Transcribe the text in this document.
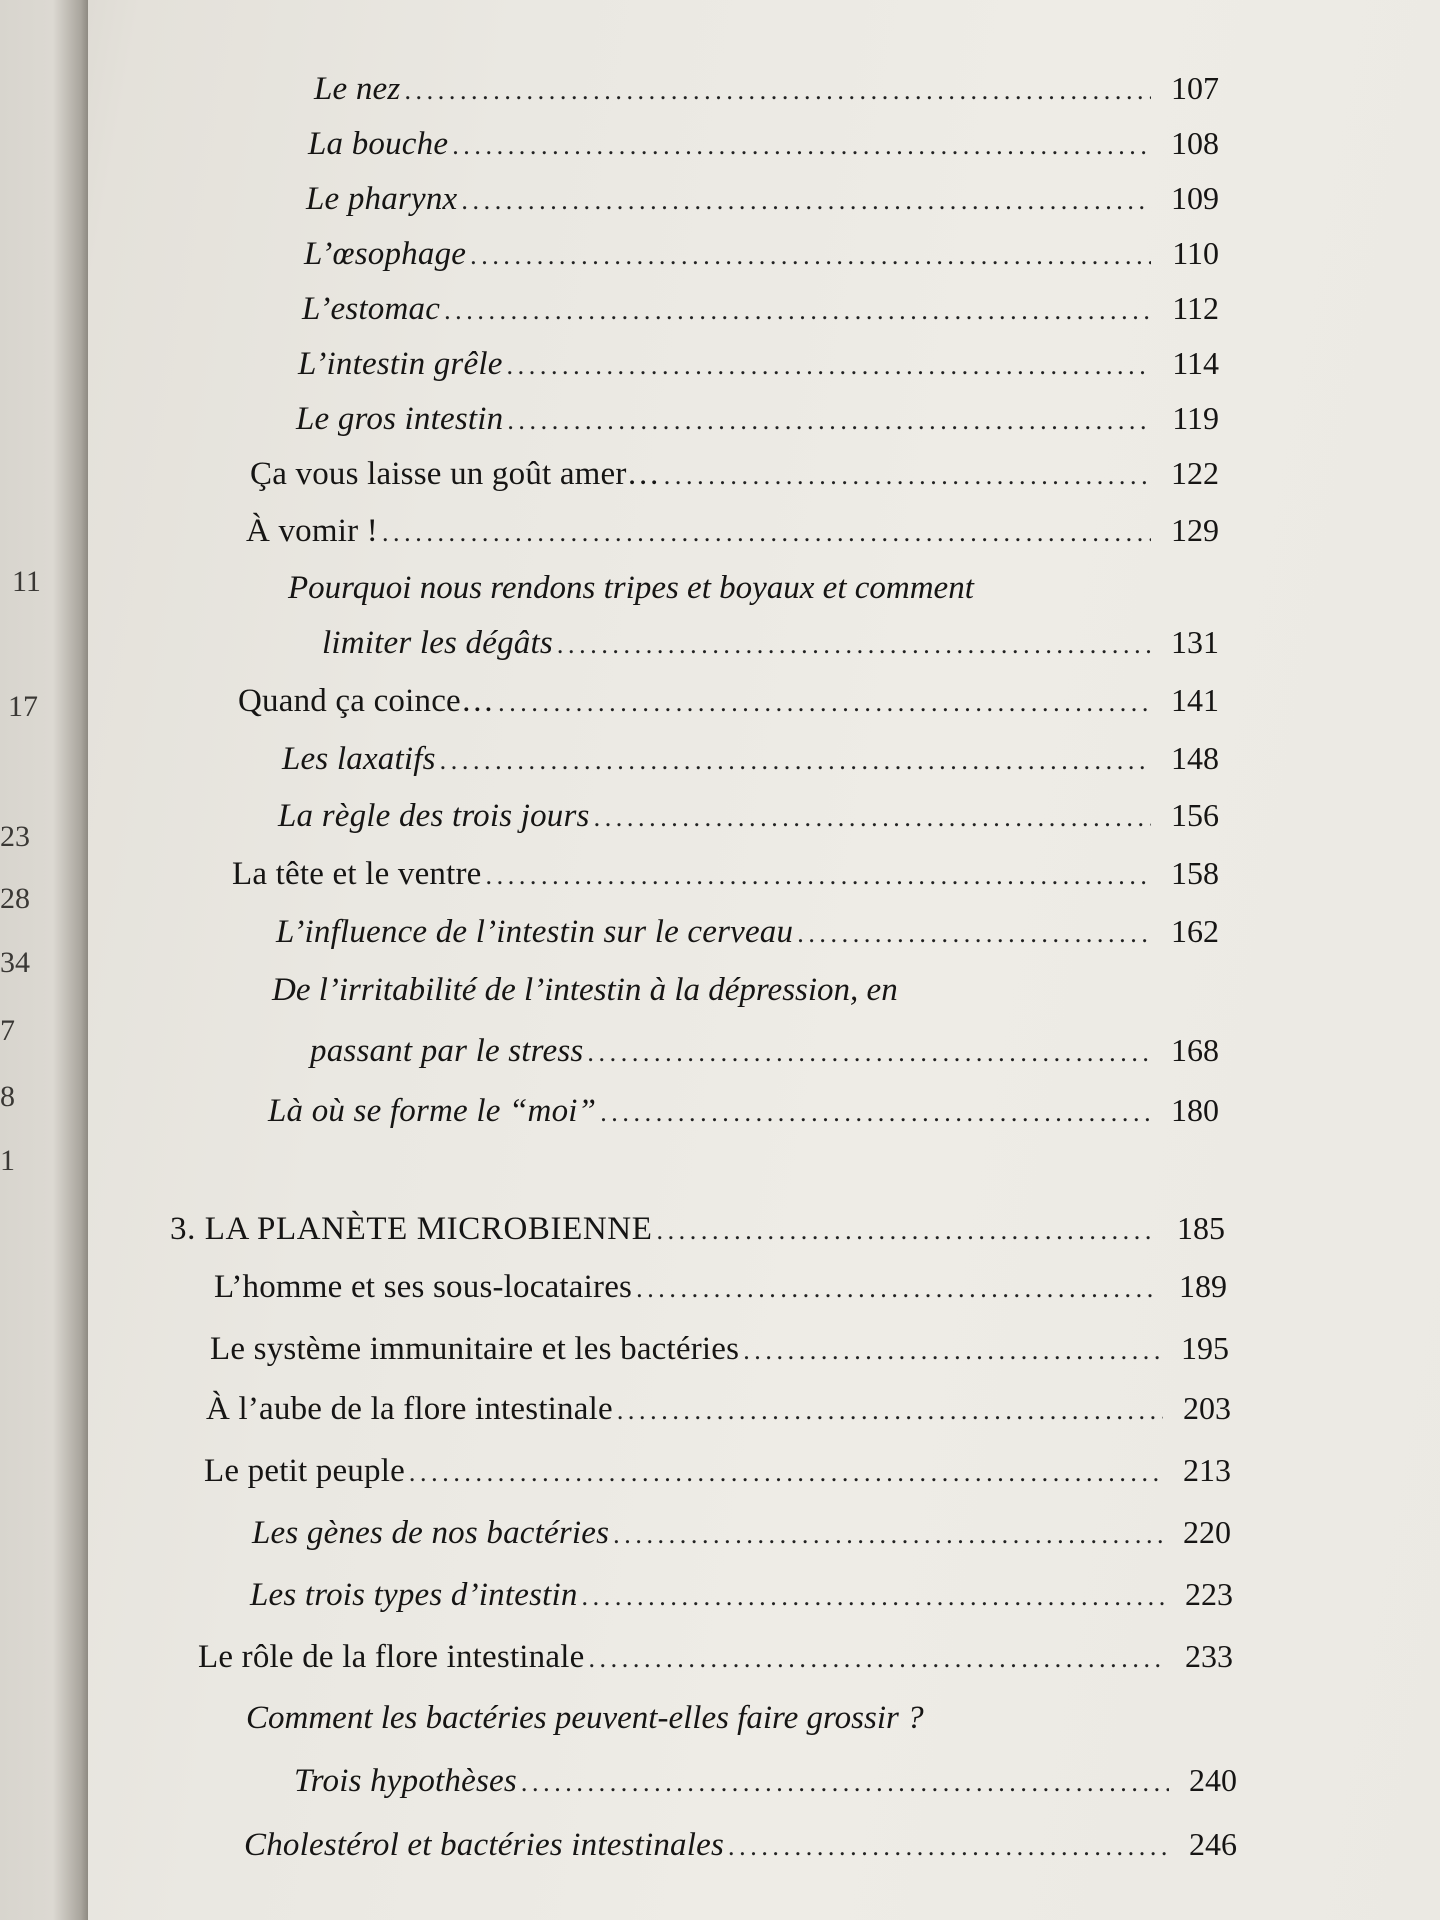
11
17
23
28
34
7
8
1
Le nez .....	107
La bouche .....	108
Le pharynx .....	109
L’œsophage .....	110
L’estomac .....	112
L’intestin grêle .....	114
Le gros intestin .....	119
Ça vous laisse un goût amer… .....	122
À vomir ! .....	129
Pourquoi nous rendons tripes et boyaux et comment
limiter les dégâts .....	131
Quand ça coince… .....	141
Les laxatifs .....	148
La règle des trois jours .....	156
La tête et le ventre .....	158
L’influence de l’intestin sur le cerveau .....	162
De l’irritabilité de l’intestin à la dépression, en
passant par le stress .....	168
Là où se forme le “moi” .....	180
3. LA PLANÈTE MICROBIENNE .....	185
L’homme et ses sous-locataires .....	189
Le système immunitaire et les bactéries .....	195
À l’aube de la flore intestinale .....	203
Le petit peuple .....	213
Les gènes de nos bactéries .....	220
Les trois types d’intestin .....	223
Le rôle de la flore intestinale .....	233
Comment les bactéries peuvent-elles faire grossir ?
Trois hypothèses .....	240
Cholestérol et bactéries intestinales .....	246
